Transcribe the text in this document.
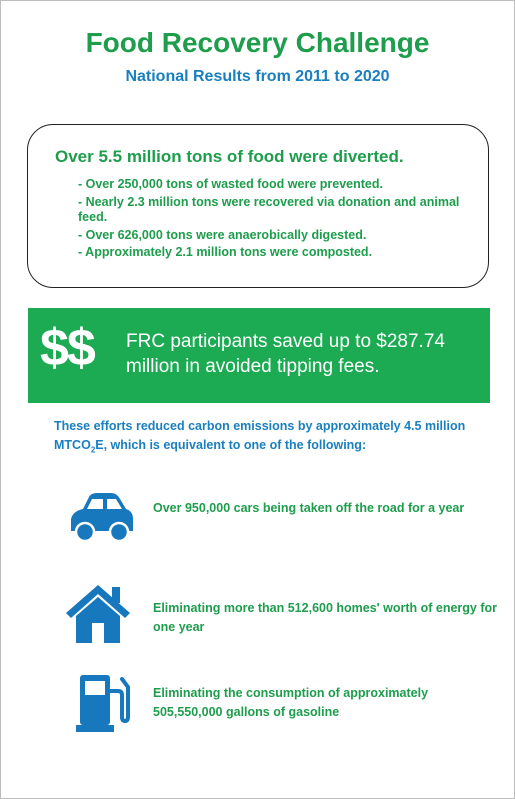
Food Recovery Challenge
National Results from 2011 to 2020
Over 5.5 million tons of food were diverted.
- Over 250,000 tons of wasted food were prevented.
- Nearly 2.3 million tons were recovered via donation and animal feed.
- Over 626,000 tons were anaerobically digested.
- Approximately 2.1 million tons were composted.
$$ FRC participants saved up to $287.74 million in avoided tipping fees.
These efforts reduced carbon emissions by approximately 4.5 million $MTCO_2E$, which is equivalent to one of the following:
Over 950,000 cars being taken off the road for a year
Eliminating more than 512,600 homes' worth of energy for one year
Eliminating the consumption of approximately 505,550,000 gallons of gasoline
